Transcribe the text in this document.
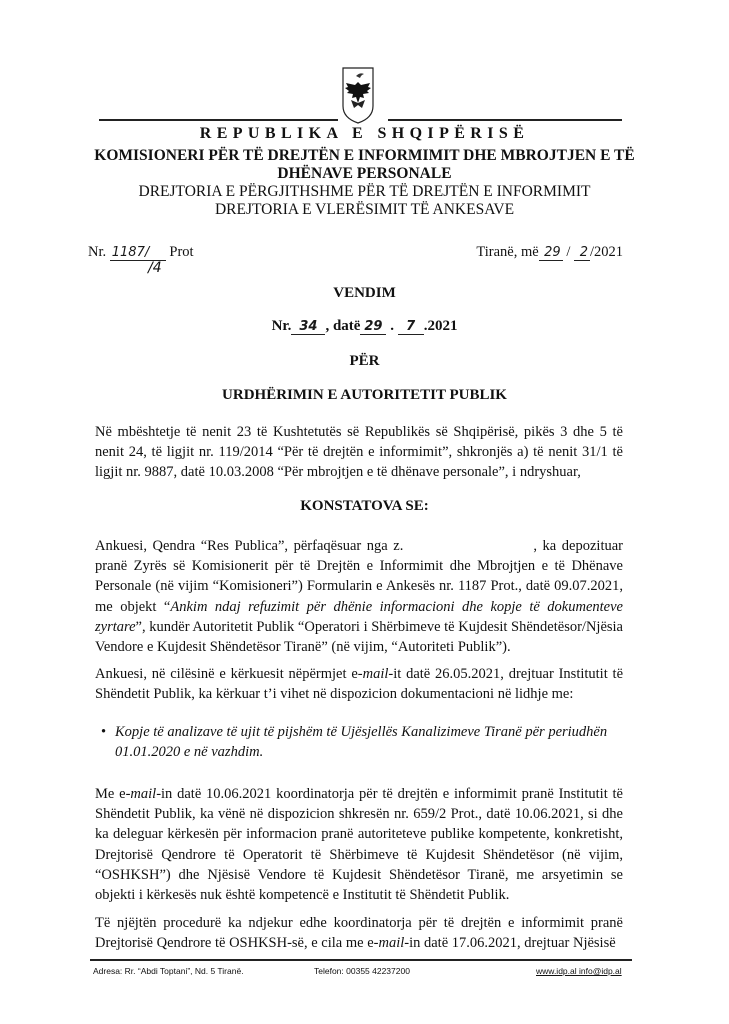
REPUBLIKA E SHQIPËRISË
KOMISIONERI PËR TË DREJTËN E INFORMIMIT DHE MBROJTJEN E TË
DHËNAVE PERSONALE
DREJTORIA E PËRGJITHSHME PËR TË DREJTËN E INFORMIMIT
DREJTORIA E VLERËSIMIT TË ANKESAVE
Nr. 1187/ Prot
/4
Tiranë, më 29 / 2 /2021
VENDIM
Nr. 34 , datë 29 . 7 .2021
PËR
URDHËRIMIN E AUTORITETIT PUBLIK
Në mbështetje të nenit 23 të Kushtetutës së Republikës së Shqipërisë, pikës 3 dhe 5 të nenit 24, të ligjit nr. 119/2014 “Për të drejtën e informimit”, shkronjës a) të nenit 31/1 të ligjit nr. 9887, datë 10.03.2008 “Për mbrojtjen e të dhënave personale”, i ndryshuar,
KONSTATOVA SE:
Ankuesi, Qendra “Res Publica”, përfaqësuar nga z.	, ka depozituar pranë Zyrës së Komisionerit për të Drejtën e Informimit dhe Mbrojtjen e të Dhënave Personale (në vijim “Komisioneri”) Formularin e Ankesës nr. 1187 Prot., datë 09.07.2021, me objekt “Ankim ndaj refuzimit për dhënie informacioni dhe kopje të dokumenteve zyrtare”, kundër Autoritetit Publik “Operatori i Shërbimeve të Kujdesit Shëndetësor/Njësia Vendore e Kujdesit Shëndetësor Tiranë” (në vijim, “Autoriteti Publik”).
Ankuesi, në cilësinë e kërkuesit nëpërmjet e-mail-it datë 26.05.2021, drejtuar Institutit të Shëndetit Publik, ka kërkuar t’i vihet në dispozicion dokumentacioni në lidhje me:
• Kopje të analizave të ujit të pijshëm të Ujësjellës Kanalizimeve Tiranë për periudhën 01.01.2020 e në vazhdim.
Me e-mail-in datë 10.06.2021 koordinatorja për të drejtën e informimit pranë Institutit të Shëndetit Publik, ka vënë në dispozicion shkresën nr. 659/2 Prot., datë 10.06.2021, si dhe ka deleguar kërkesën për informacion pranë autoriteteve publike kompetente, konkretisht, Drejtorisë Qendrore të Operatorit të Shërbimeve të Kujdesit Shëndetësor (në vijim, “OSHKSH”) dhe Njësisë Vendore të Kujdesit Shëndetësor Tiranë, me arsyetimin se objekti i kërkesës nuk është kompetencë e Institutit të Shëndetit Publik.
Të njëjtën procedurë ka ndjekur edhe koordinatorja për të drejtën e informimit pranë Drejtorisë Qendrore të OSHKSH-së, e cila me e-mail-in datë 17.06.2021, drejtuar Njësisë
Adresa: Rr. “Abdi Toptani”, Nd. 5 Tiranë.	Telefon: 00355 42237200	www.idp.al info@idp.al
